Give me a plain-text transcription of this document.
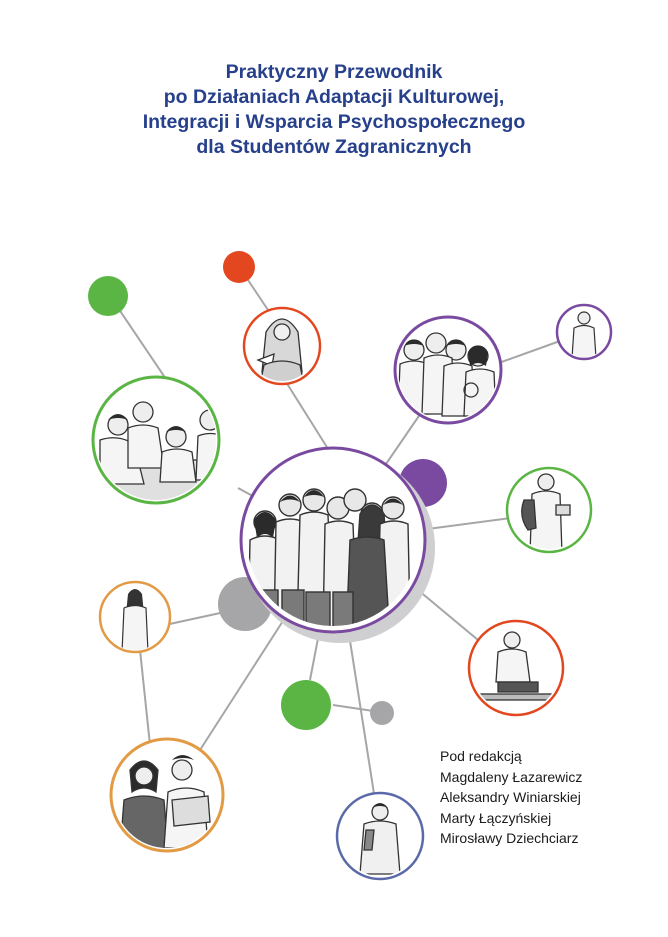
Praktyczny Przewodnik
po Działaniach Adaptacji Kulturowej,
Integracji i Wsparcia Psychospołecznego
dla Studentów Zagranicznych
Pod redakcją
Magdaleny Łazarewicz
Aleksandry Winiarskiej
Marty Łączyńskiej
Mirosławy Dziechciarz
